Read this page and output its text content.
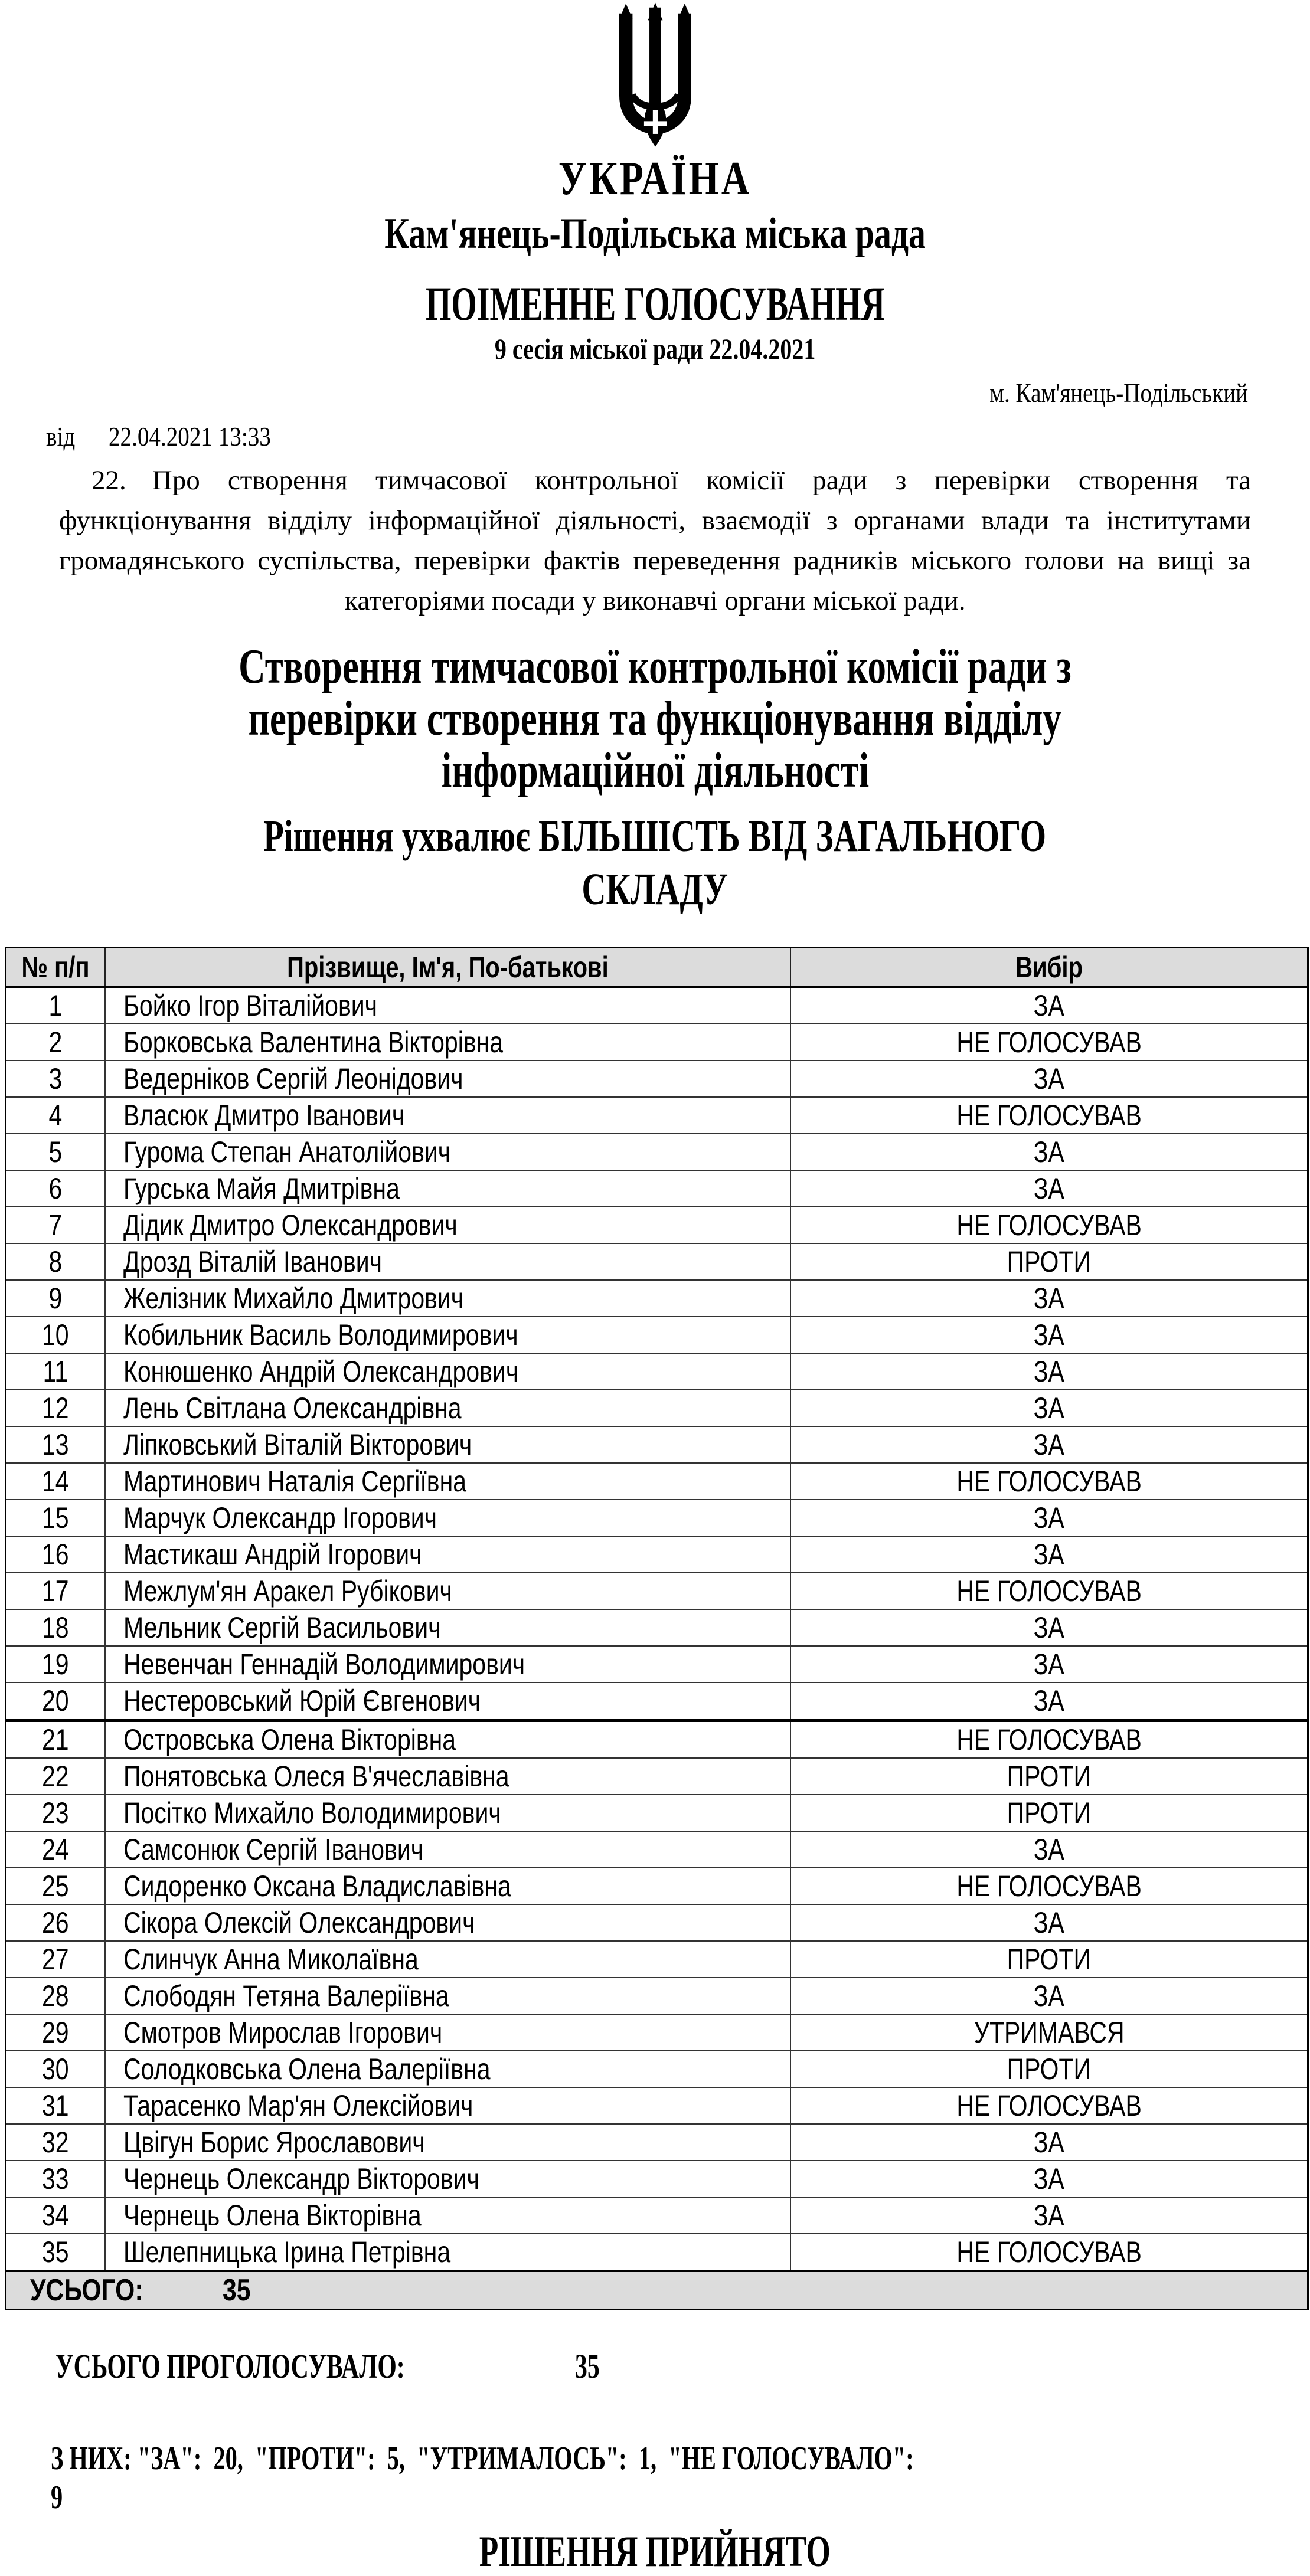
УКРАЇНА
Кам'янець-Подільська міська рада
ПОІМЕННЕ ГОЛОСУВАННЯ
9 сесія міської ради 22.04.2021
м. Кам'янець-Подільський
від 22.04.2021 13:33

22. Про створення тимчасової контрольної комісії ради з перевірки створення та функціонування відділу інформаційної діяльності, взаємодії з органами влади та інститутами громадянського суспільства, перевірки фактів переведення радників міського голови на вищі за категоріями посади у виконавчі органи міської ради.

Створення тимчасової контрольної комісії ради з
перевірки створення та функціонування відділу
інформаційної діяльності
Рішення ухвалює БІЛЬШІСТЬ ВІД ЗАГАЛЬНОГО
СКЛАДУ
№ п/п	Прізвище, Ім'я, По-батькові	Вибір
1	Бойко Ігор Віталійович	ЗА
2	Борковська Валентина Вікторівна	НЕ ГОЛОСУВАВ
3	Ведерніков Сергій Леонідович	ЗА
4	Власюк Дмитро Іванович	НЕ ГОЛОСУВАВ
5	Гурома Степан Анатолійович	ЗА
6	Гурська Майя Дмитрівна	ЗА
7	Дідик Дмитро Олександрович	НЕ ГОЛОСУВАВ
8	Дрозд Віталій Іванович	ПРОТИ
9	Желізник Михайло Дмитрович	ЗА
10	Кобильник Василь Володимирович	ЗА
11	Конюшенко Андрій Олександрович	ЗА
12	Лень Світлана Олександрівна	ЗА
13	Ліпковський Віталій Вікторович	ЗА
14	Мартинович Наталія Сергіївна	НЕ ГОЛОСУВАВ
15	Марчук Олександр Ігорович	ЗА
16	Мастикаш Андрій Ігорович	ЗА
17	Межлум'ян Аракел Рубікович	НЕ ГОЛОСУВАВ
18	Мельник Сергій Васильович	ЗА
19	Невенчан Геннадій Володимирович	ЗА
20	Нестеровський Юрій Євгенович	ЗА
21	Островська Олена Вікторівна	НЕ ГОЛОСУВАВ
22	Понятовська Олеся В'ячеславівна	ПРОТИ
23	Посітко Михайло Володимирович	ПРОТИ
24	Самсонюк Сергій Іванович	ЗА
25	Сидоренко Оксана Владиславівна	НЕ ГОЛОСУВАВ
26	Сікора Олексій Олександрович	ЗА
27	Слинчук Анна Миколаївна	ПРОТИ
28	Слободян Тетяна Валеріївна	ЗА
29	Смотров Мирослав Ігорович	УТРИМАВСЯ
30	Солодковська Олена Валеріївна	ПРОТИ
31	Тарасенко Мар'ян Олексійович	НЕ ГОЛОСУВАВ
32	Цвігун Борис Ярославович	ЗА
33	Чернець Олександр Вікторович	ЗА
34	Чернець Олена Вікторівна	ЗА
35	Шелепницька Ірина Петрівна	НЕ ГОЛОСУВАВ
УСЬОГО: 35		
УСЬОГО ПРОГОЛОСУВАЛО:	35
З НИХ: "ЗА":  20,  "ПРОТИ":  5,  "УТРИМАЛОСЬ":  1,  "НЕ ГОЛОСУВАЛО":
9
РІШЕННЯ ПРИЙНЯТО
